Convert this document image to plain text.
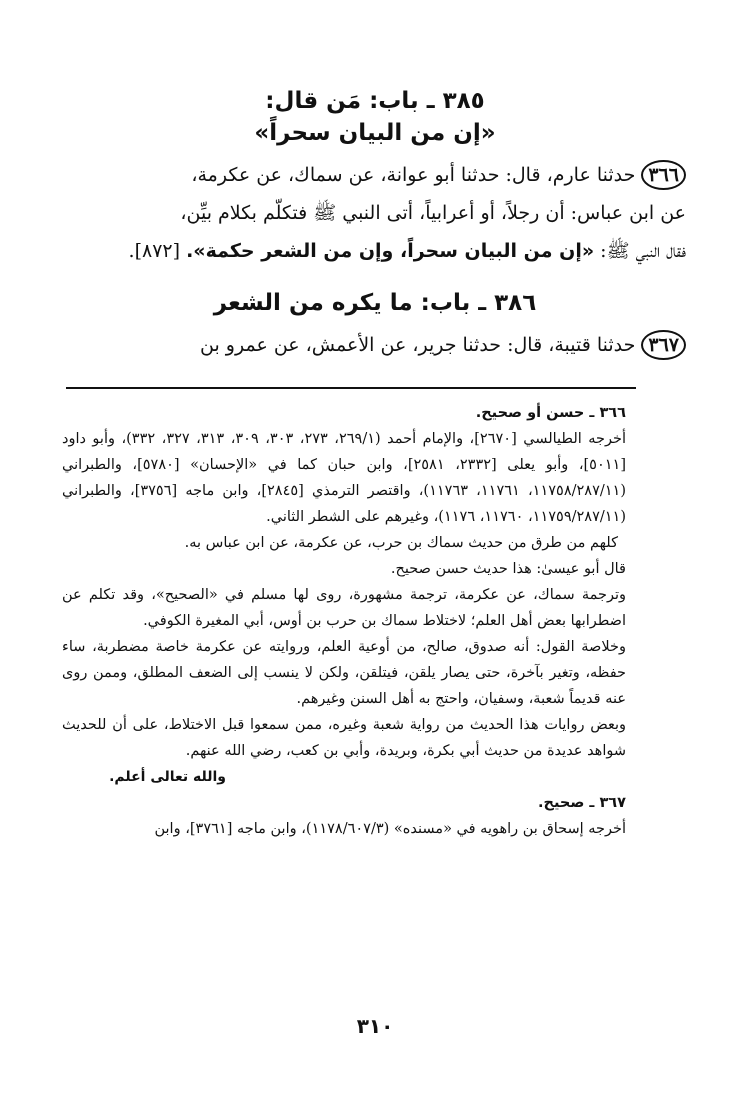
٣٨٥ ـ باب: مَن قال:
«إن من البيان سحراً»
٣٦٦حدثنا عارم، قال: حدثنا أبو عوانة، عن سماك، عن عكرمة،
عن ابن عباس: أن رجلاً، أو أعرابياً، أتى النبي ﷺ فتكلّم بكلام بيِّن،
فقال النبي ﷺ: «إن من البيان سحراً، وإن من الشعر حكمة». [٨٧٢].
٣٨٦ ـ باب: ما يكره من الشعر
٣٦٧حدثنا قتيبة، قال: حدثنا جرير، عن الأعمش، عن عمرو بن

٣٦٦ ـ حسن أو صحيح.

أخرجه الطيالسي [٢٦٧٠]، والإمام أحمد (٢٦٩/١، ٢٧٣، ٣٠٣، ٣٠٩، ٣١٣، ٣٢٧، ٣٣٢)، وأبو داود [٥٠١١]، وأبو يعلى [٢٣٣٢، ٢٥٨١]، وابن حبان كما في «الإحسان» [٥٧٨٠]، والطبراني (١١٧٥٨/٢٨٧/١١، ١١٧٦١، ١١٧٦٣)، واقتصر الترمذي [٢٨٤٥]، وابن ماجه [٣٧٥٦]، والطبراني (١١٧٥٩/٢٨٧/١١، ١١٧٦٠، ١١٧٦)، وغيرهم على الشطر الثاني.

كلهم من طرق من حديث سماك بن حرب، عن عكرمة، عن ابن عباس به.

قال أبو عيسىٰ: هذا حديث حسن صحيح.

وترجمة سماك، عن عكرمة، ترجمة مشهورة، روى لها مسلم في «الصحيح»، وقد تكلم عن اضطرابها بعض أهل العلم؛ لاختلاط سماك بن حرب بن أوس، أبي المغيرة الكوفي.

وخلاصة القول: أنه صدوق، صالح، من أوعية العلم، وروايته عن عكرمة خاصة مضطربة، ساء حفظه، وتغير بآخرة، حتى يصار يلقن، فيتلقن، ولكن لا ينسب إلى الضعف المطلق، وممن روى عنه قديماً شعبة، وسفيان، واحتج به أهل السنن وغيرهم.

وبعض روايات هذا الحديث من رواية شعبة وغيره، ممن سمعوا قبل الاختلاط، على أن للحديث شواهد عديدة من حديث أبي بكرة، وبريدة، وأبي بن كعب، رضي الله عنهم.

والله تعالى أعلم.

٣٦٧ ـ صحيح.

أخرجه إسحاق بن راهويه في «مسنده» (١١٧٨/٦٠٧/٣)، وابن ماجه [٣٧٦١]، وابن

٣١٠
